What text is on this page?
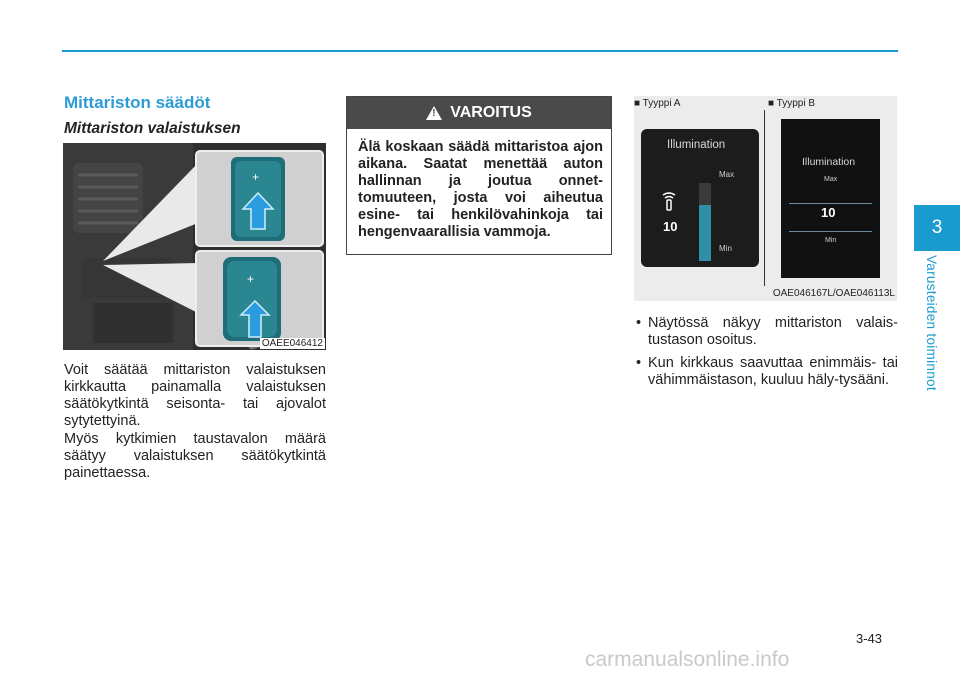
Mittariston säädöt
Mittariston valaistuksen
+
+
OAEE046412
Voit säätää mittariston valaistuksen kirkkautta painamalla valaistuksen säätökytkintä seisonta- tai ajovalot sytytettyinä.
Myös kytkimien taustavalon määrä säätyy valaistuksen säätökytkintä painettaessa.
! VAROITUS
Älä koskaan säädä mittaristoa ajon aikana. Saatat menettää auton hallinnan ja joutua onnet-tomuuteen, josta voi aiheutua esine- tai henkilövahinkoja tai hengenvaarallisia vammoja.
■ Tyyppi A	■ Tyyppi B
Illumination
Max
Min
10
Illumination
Max
10
Min
OAE046167L/OAE046113L
• Näytössä näkyy mittariston valais-tustason osoitus.
• Kun kirkkaus saavuttaa enimmäis- tai vähimmäistason, kuuluu häly-tysääni.
3
Varusteiden toiminnot
3-43
carmanualsonline.info
